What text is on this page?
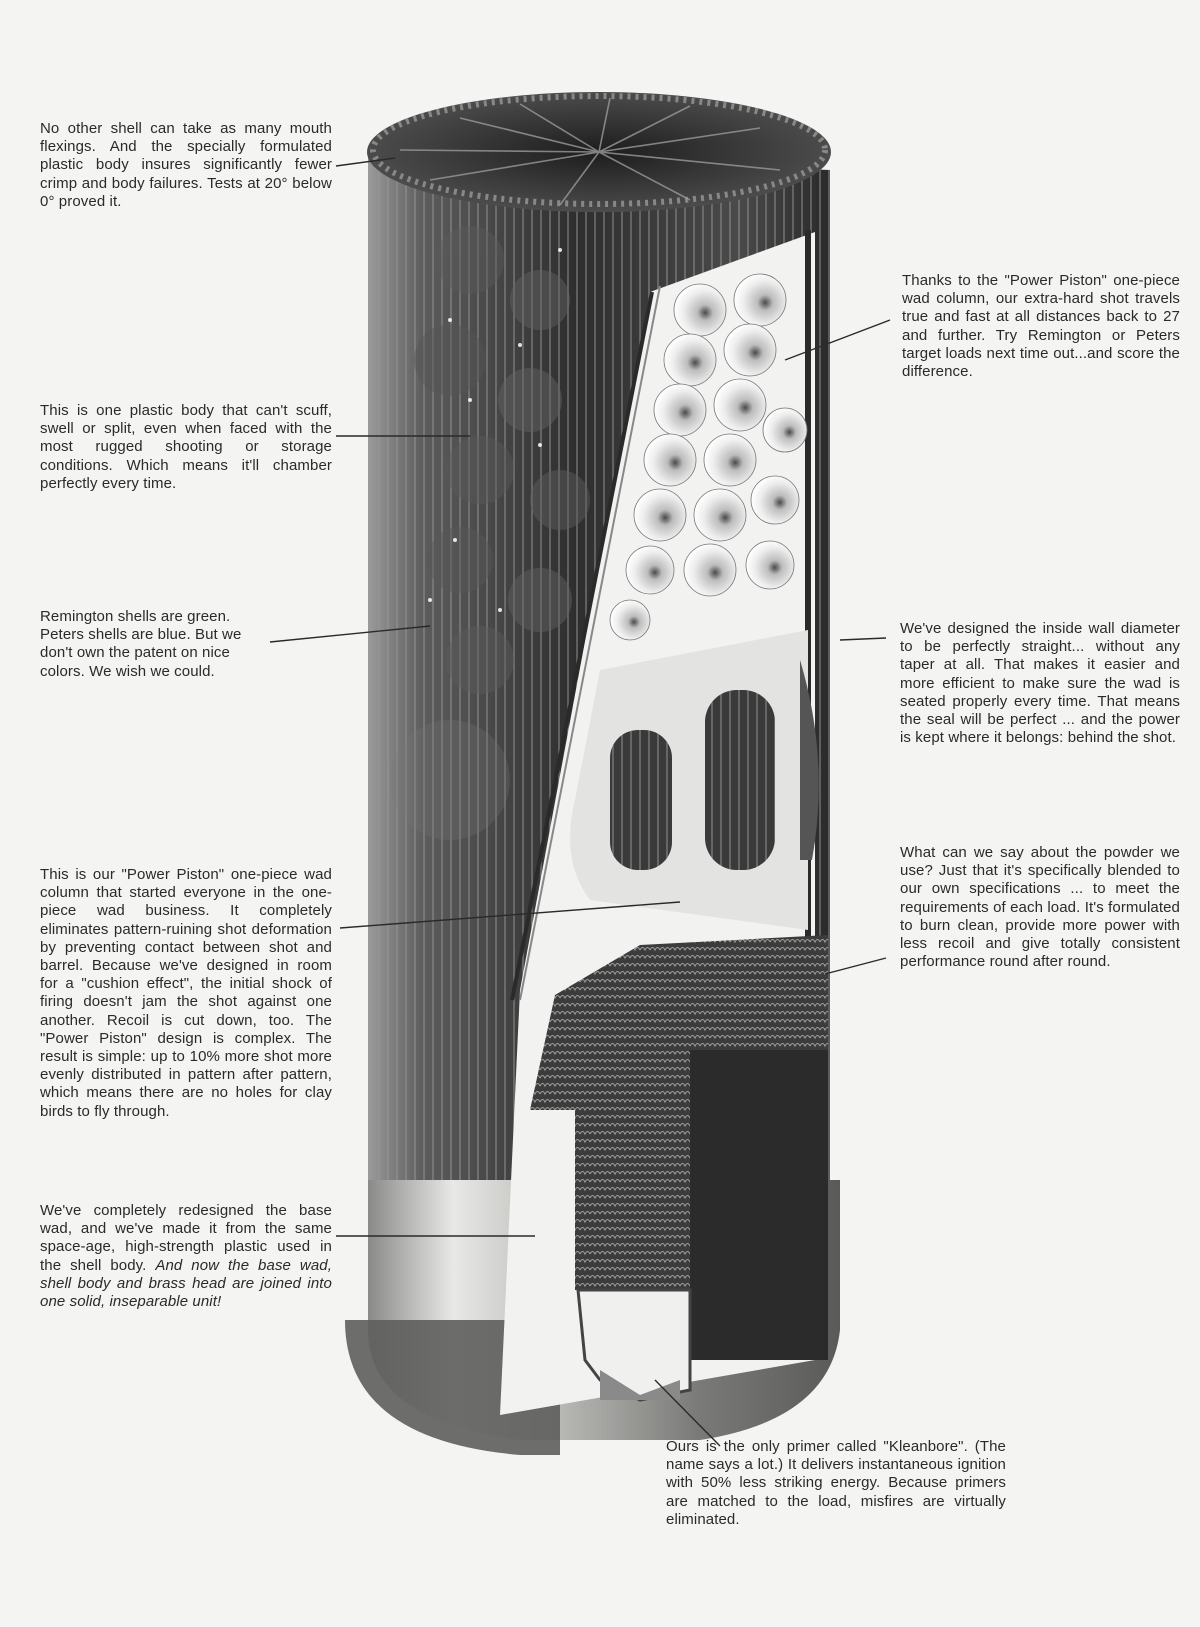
No other shell can take as many mouth flexings. And the specially formulated plastic body insures significantly fewer crimp and body failures. Tests at 20° below 0° proved it.

This is one plastic body that can't scuff, swell or split, even when faced with the most rugged shooting or storage conditions. Which means it'll chamber perfectly every time.

Remington shells are green. Peters shells are blue. But we don't own the patent on nice colors. We wish we could.

This is our "Power Piston" one-piece wad column that started everyone in the one-piece wad business. It completely eliminates pattern-ruining shot deformation by preventing contact between shot and barrel. Because we've designed in room for a "cushion effect", the initial shock of firing doesn't jam the shot against one another. Recoil is cut down, too. The "Power Piston" design is complex. The result is simple: up to 10% more shot more evenly distributed in pattern after pattern, which means there are no holes for clay birds to fly through.

We've completely redesigned the base wad, and we've made it from the same space-age, high-strength plastic used in the shell body. And now the base wad, shell body and brass head are joined into one solid, inseparable unit!

Thanks to the "Power Piston" one-piece wad column, our extra-hard shot travels true and fast at all distances back to 27 and further. Try Remington or Peters target loads next time out...and score the difference.

We've designed the inside wall diameter to be perfectly straight... without any taper at all. That makes it easier and more efficient to make sure the wad is seated properly every time. That means the seal will be perfect ... and the power is kept where it belongs: behind the shot.

What can we say about the powder we use? Just that it's specifically blended to our own specifications ... to meet the requirements of each load. It's formulated to burn clean, provide more power with less recoil and give totally consistent performance round after round.

Ours is the only primer called "Kleanbore". (The name says a lot.) It delivers instantaneous ignition with 50% less striking energy. Because primers are matched to the load, misfires are virtually eliminated.
